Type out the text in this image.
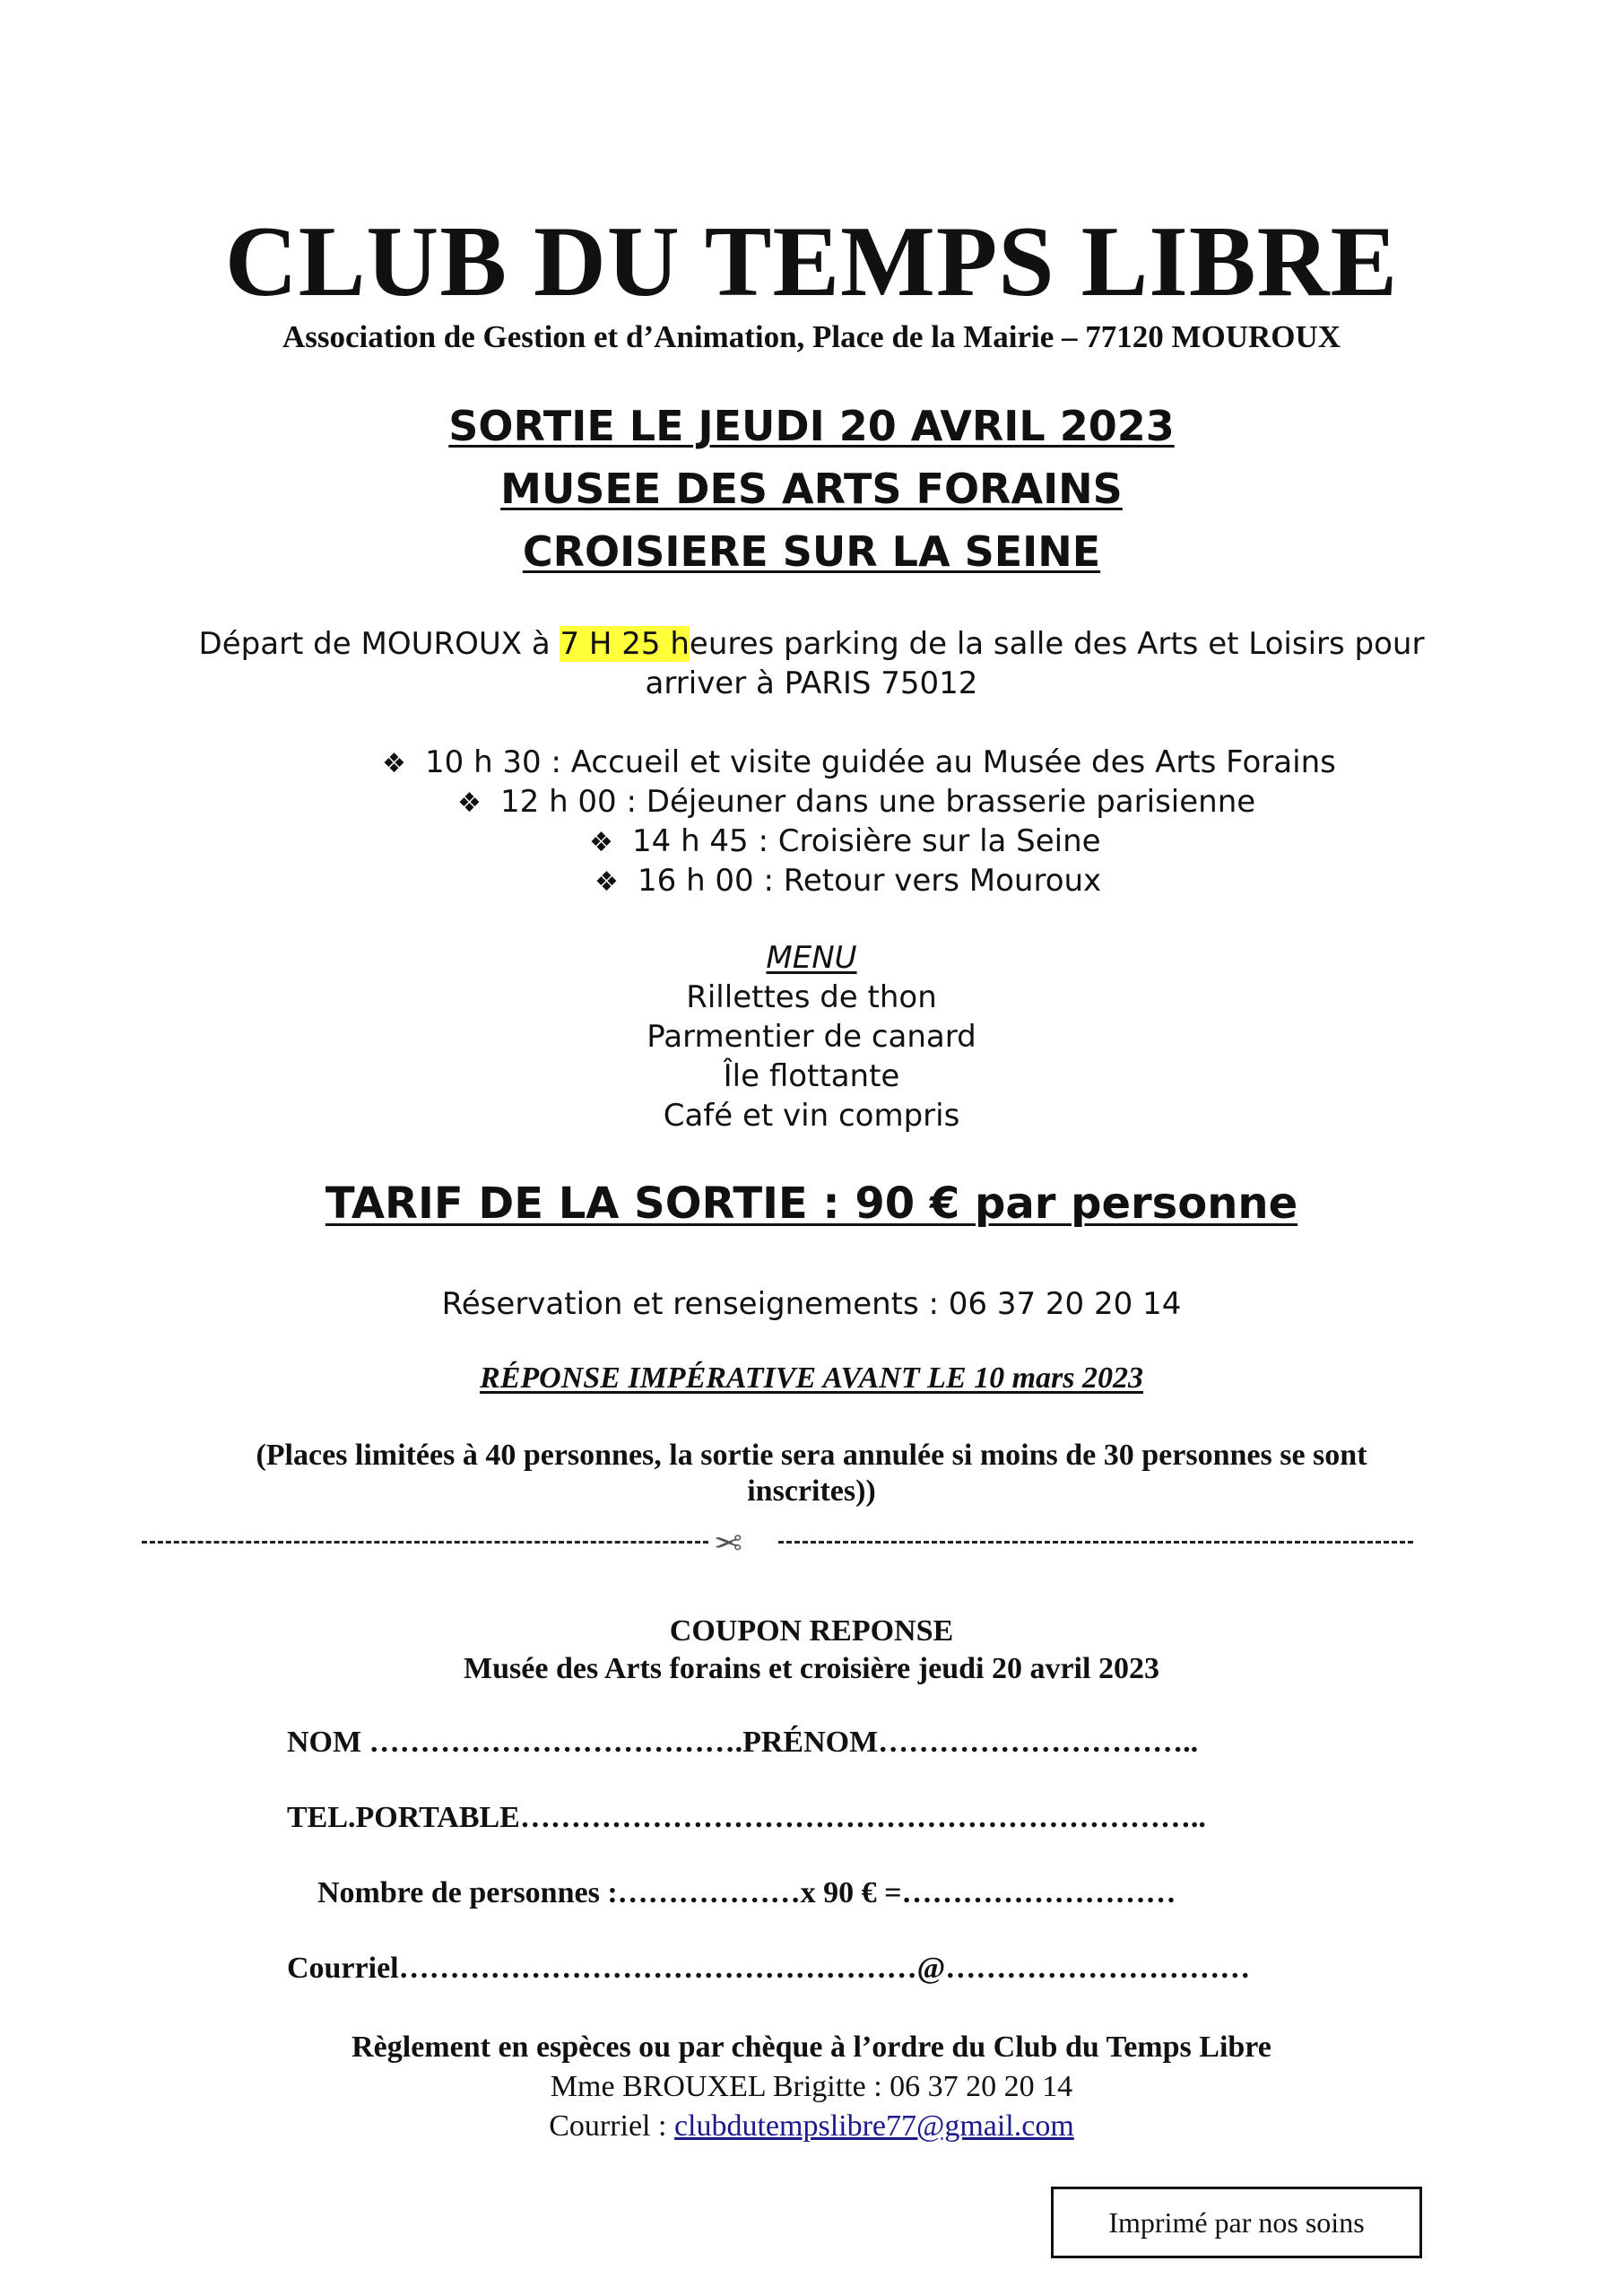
CLUB DU TEMPS LIBRE
Association de Gestion et d’Animation, Place de la Mairie – 77120 MOUROUX
SORTIE LE JEUDI 20 AVRIL 2023
MUSEE DES ARTS FORAINS
CROISIERE SUR LA SEINE
Départ de MOUROUX à 7 H 25 heures parking de la salle des Arts et Loisirs pour
arriver à PARIS 75012
❖ 10 h 30 : Accueil et visite guidée au Musée des Arts Forains
❖ 12 h 00 : Déjeuner dans une brasserie parisienne
❖ 14 h 45 : Croisière sur la Seine
❖ 16 h 00 : Retour vers Mouroux
MENU
Rillettes de thon
Parmentier de canard
Île flottante
Café et vin compris
TARIF DE LA SORTIE : 90 € par personne
Réservation et renseignements : 06 37 20 20 14
RÉPONSE IMPÉRATIVE AVANT LE 10 mars 2023
(Places limitées à 40 personnes, la sortie sera annulée si moins de 30 personnes se sont
inscrites))
✂
COUPON REPONSE
Musée des Arts forains et croisière jeudi 20 avril 2023
NOM ……………………………….PRÉNOM…………………………..
TEL.PORTABLE…………………………………………………………..
Nombre de personnes :………………x 90 € =………………………
Courriel……………………………………………@…………………………
Règlement en espèces ou par chèque à l’ordre du Club du Temps Libre
Mme BROUXEL Brigitte : 06 37 20 20 14
Courriel : clubdutempslibre77@gmail.com
Imprimé par nos soins
